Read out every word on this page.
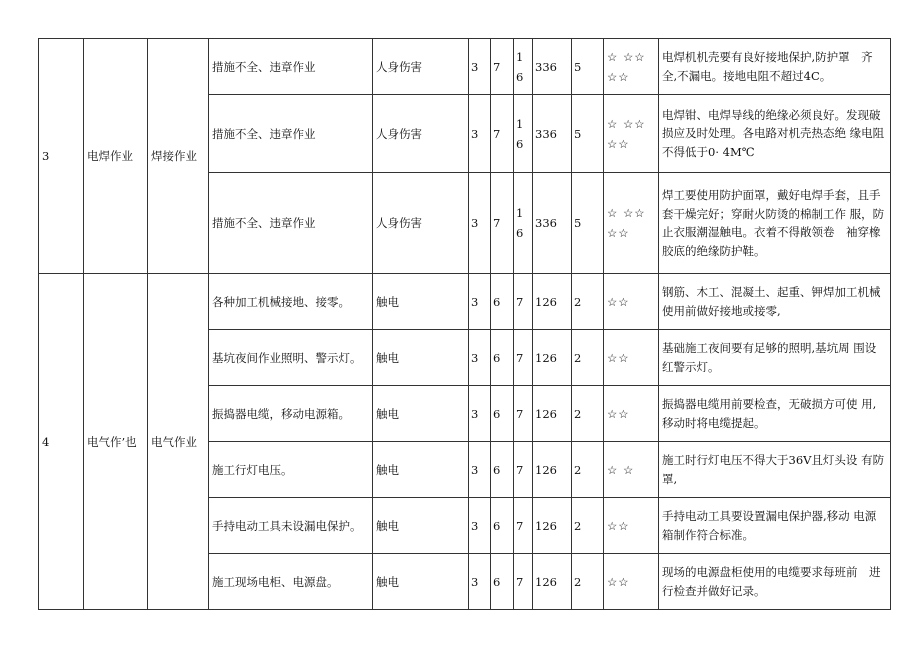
3	电焊作业	焊接作业	措施不全、违章作业	人身伤害	3	7	16	336	5	☆ ☆☆☆☆	电焊机机壳要有良好接地保护,防护罩　齐全,不漏电。接地电阻不超过4C。
			措施不全、违章作业	人身伤害	3	7	16	336	5	☆ ☆☆☆☆	电焊钳、电焊导线的绝缘必须良好。发现破损应及时处理。各电路对机壳热态绝 缘电阻不得低于0· 4M℃
			措施不全、违章作业	人身伤害	3	7	16	336	5	☆ ☆☆☆☆	焊工要使用防护面罩，戴好电焊手套，且手套干燥完好；穿耐火防烫的棉制工作 服，防止衣服潮湿触电。衣着不得敞领卷　袖穿橡胶底的绝缘防护鞋。
4	电气作’也	电气作业	各种加工机械接地、接零。	触电	3	6	7	126	2	☆☆	钢筋、木工、混凝土、起重、钾焊加工机械使用前做好接地或接零,
			基坑夜间作业照明、警示灯。	触电	3	6	7	126	2	☆☆	基础施工夜间要有足够的照明,基坑周 围设红警示灯。
			振捣器电缆，移动电源箱。	触电	3	6	7	126	2	☆☆	振捣器电缆用前要检查，无破损方可使 用,移动时将电缆提起。
			施工行灯电压。	触电	3	6	7	126	2	☆ ☆	施工时行灯电压不得大于36V且灯头设 有防罩,
			手持电动工具未设漏电保护。	触电	3	6	7	126	2	☆☆	手持电动工具要设置漏电保护器,移动 电源箱制作符合标准。
			施工现场电柜、电源盘。	触电	3	6	7	126	2	☆☆	现场的电源盘柜使用的电缆要求每班前　进行检查并做好记录。
